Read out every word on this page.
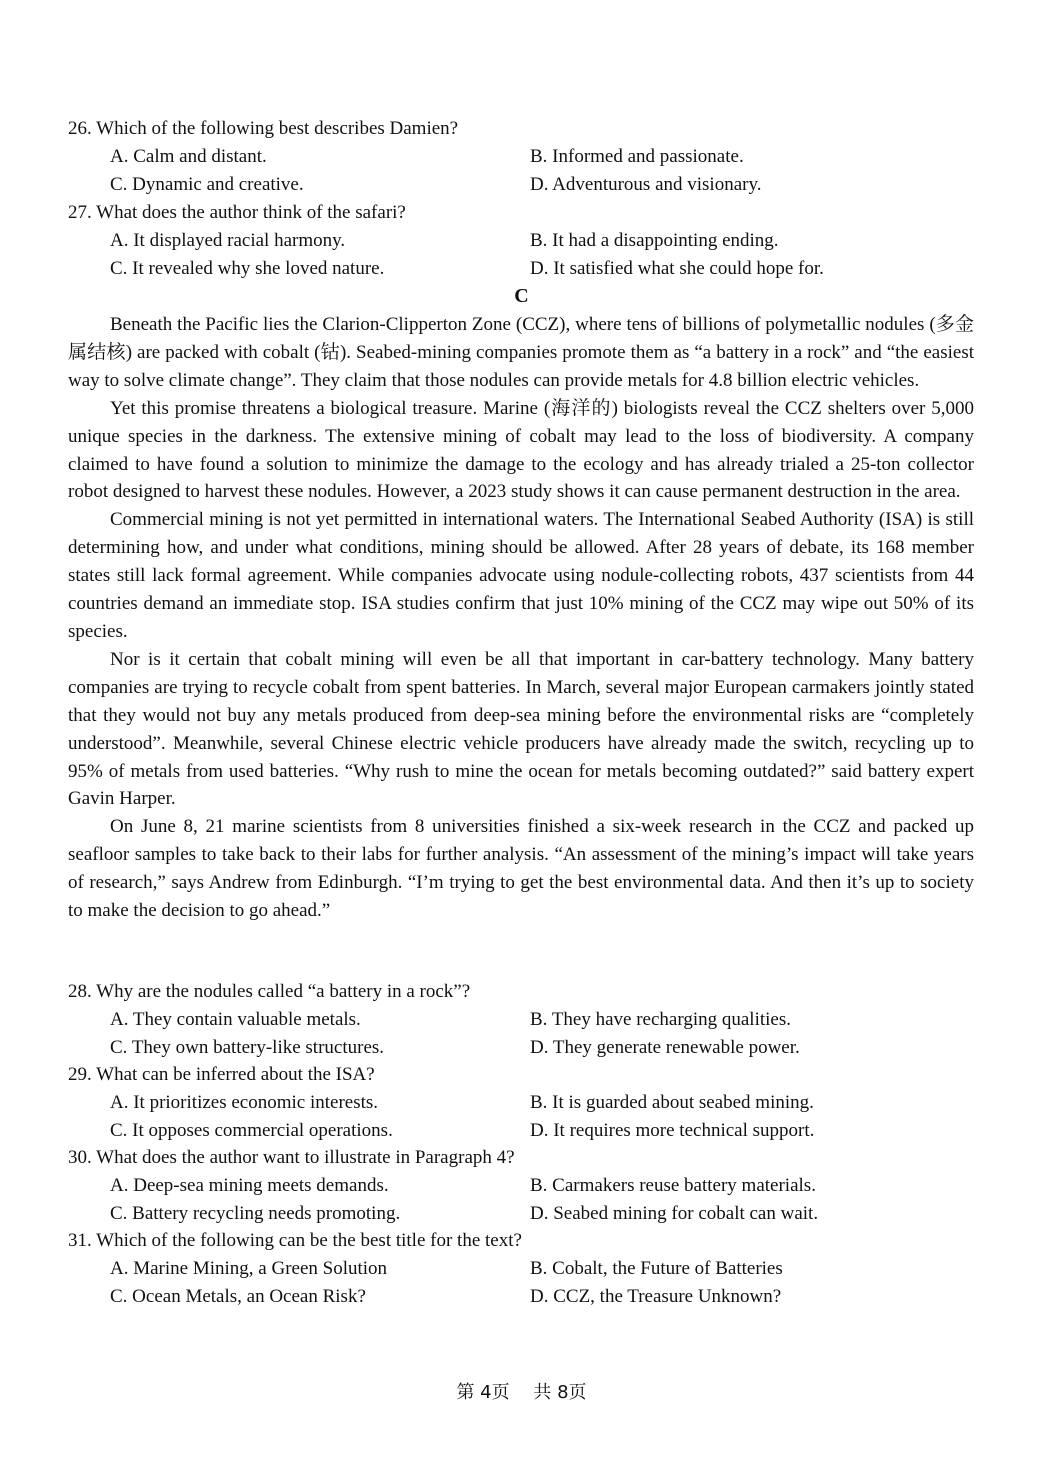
26. Which of the following best describes Damien?
A. Calm and distant.	B. Informed and passionate.
C. Dynamic and creative.	D. Adventurous and visionary.
27. What does the author think of the safari?
A. It displayed racial harmony.	B. It had a disappointing ending.
C. It revealed why she loved nature.	D. It satisfied what she could hope for.
C

Beneath the Pacific lies the Clarion-Clipperton Zone (CCZ), where tens of billions of polymetallic nodules (多金属结核) are packed with cobalt (钴). Seabed-mining companies promote them as “a battery in a rock” and “the easiest way to solve climate change”. They claim that those nodules can provide metals for 4.8 billion electric vehicles.

Yet this promise threatens a biological treasure. Marine (海洋的) biologists reveal the CCZ shelters over 5,000 unique species in the darkness. The extensive mining of cobalt may lead to the loss of biodiversity. A company claimed to have found a solution to minimize the damage to the ecology and has already trialed a 25-ton collector robot designed to harvest these nodules. However, a 2023 study shows it can cause permanent destruction in the area.

Commercial mining is not yet permitted in international waters. The International Seabed Authority (ISA) is still determining how, and under what conditions, mining should be allowed. After 28 years of debate, its 168 member states still lack formal agreement. While companies advocate using nodule-collecting robots, 437 scientists from 44 countries demand an immediate stop. ISA studies confirm that just 10% mining of the CCZ may wipe out 50% of its species.

Nor is it certain that cobalt mining will even be all that important in car-battery technology. Many battery companies are trying to recycle cobalt from spent batteries. In March, several major European carmakers jointly stated that they would not buy any metals produced from deep-sea mining before the environmental risks are “completely understood”. Meanwhile, several Chinese electric vehicle producers have already made the switch, recycling up to 95% of metals from used batteries. “Why rush to mine the ocean for metals becoming outdated?” said battery expert Gavin Harper.

On June 8, 21 marine scientists from 8 universities finished a six-week research in the CCZ and packed up seafloor samples to take back to their labs for further analysis. “An assessment of the mining’s impact will take years of research,” says Andrew from Edinburgh. “I’m trying to get the best environmental data. And then it’s up to society to make the decision to go ahead.”

28. Why are the nodules called “a battery in a rock”?
A. They contain valuable metals.	B. They have recharging qualities.
C. They own battery-like structures.	D. They generate renewable power.
29. What can be inferred about the ISA?
A. It prioritizes economic interests.	B. It is guarded about seabed mining.
C. It opposes commercial operations.	D. It requires more technical support.
30. What does the author want to illustrate in Paragraph 4?
A. Deep-sea mining meets demands.	B. Carmakers reuse battery materials.
C. Battery recycling needs promoting.	D. Seabed mining for cobalt can wait.
31. Which of the following can be the best title for the text?
A. Marine Mining, a Green Solution	B. Cobalt, the Future of Batteries
C. Ocean Metals, an Ocean Risk?	D. CCZ, the Treasure Unknown?
第 4页　 共 8页
